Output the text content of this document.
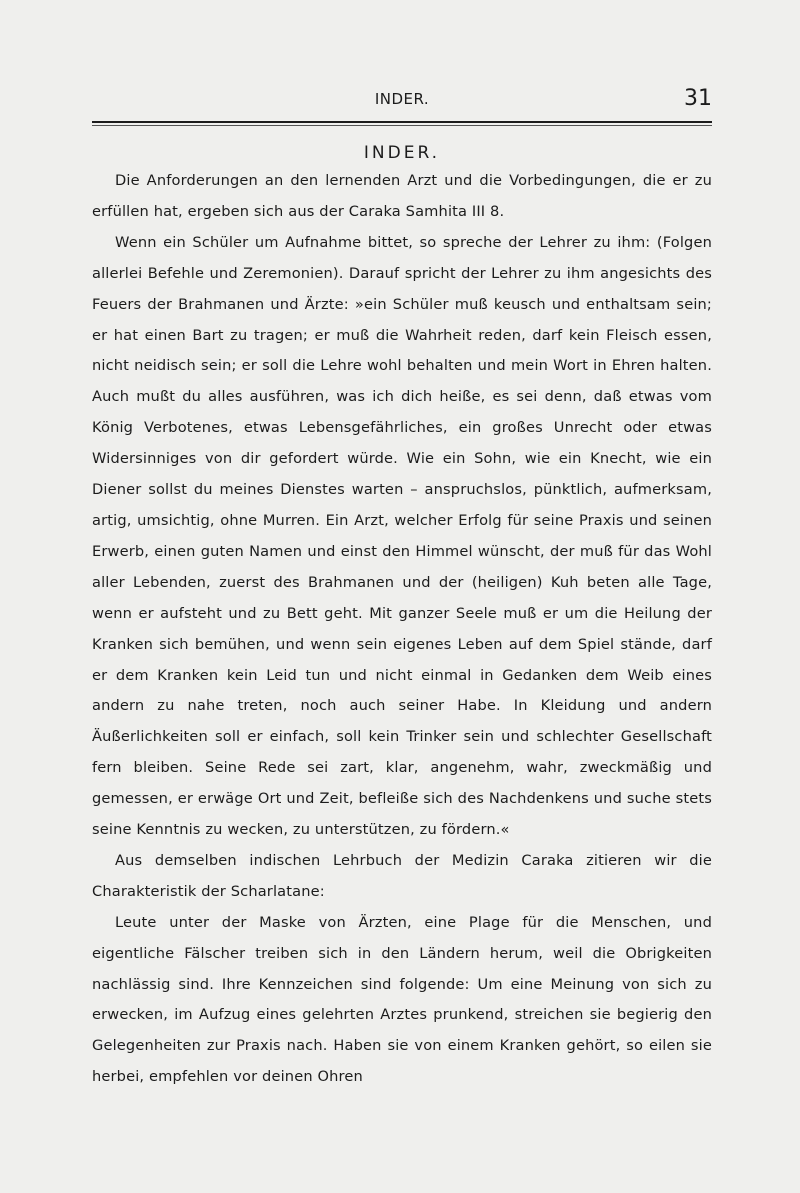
INDER.	31
INDER.

Die Anforderungen an den lernenden Arzt und die Vorbedingungen, die er zu erfüllen hat, ergeben sich aus der Caraka Samhita III 8.

Wenn ein Schüler um Aufnahme bittet, so spreche der Lehrer zu ihm: (Folgen allerlei Befehle und Zeremonien). Darauf spricht der Lehrer zu ihm angesichts des Feuers der Brahmanen und Ärzte: »ein Schüler muß keusch und enthaltsam sein; er hat einen Bart zu tragen; er muß die Wahrheit reden, darf kein Fleisch essen, nicht neidisch sein; er soll die Lehre wohl behalten und mein Wort in Ehren halten. Auch mußt du alles ausführen, was ich dich heiße, es sei denn, daß etwas vom König Verbotenes, etwas Lebensgefährliches, ein großes Unrecht oder etwas Widersinniges von dir gefordert würde. Wie ein Sohn, wie ein Knecht, wie ein Diener sollst du meines Dienstes warten – anspruchslos, pünktlich, aufmerksam, artig, umsichtig, ohne Murren. Ein Arzt, welcher Erfolg für seine Praxis und seinen Erwerb, einen guten Namen und einst den Himmel wünscht, der muß für das Wohl aller Lebenden, zuerst des Brahmanen und der (heiligen) Kuh beten alle Tage, wenn er aufsteht und zu Bett geht. Mit ganzer Seele muß er um die Heilung der Kranken sich bemühen, und wenn sein eigenes Leben auf dem Spiel stände, darf er dem Kranken kein Leid tun und nicht einmal in Gedanken dem Weib eines andern zu nahe treten, noch auch seiner Habe. In Kleidung und andern Äußerlichkeiten soll er einfach, soll kein Trinker sein und schlechter Gesellschaft fern bleiben. Seine Rede sei zart, klar, angenehm, wahr, zweckmäßig und gemessen, er erwäge Ort und Zeit, befleiße sich des Nachdenkens und suche stets seine Kenntnis zu wecken, zu unterstützen, zu fördern.«

Aus demselben indischen Lehrbuch der Medizin Caraka zitieren wir die Charakteristik der Scharlatane:

Leute unter der Maske von Ärzten, eine Plage für die Menschen, und eigentliche Fälscher treiben sich in den Ländern herum, weil die Obrigkeiten nachlässig sind. Ihre Kennzeichen sind folgende: Um eine Meinung von sich zu erwecken, im Aufzug eines gelehrten Arztes prunkend, streichen sie begierig den Gelegenheiten zur Praxis nach. Haben sie von einem Kranken gehört, so eilen sie herbei, empfehlen vor deinen Ohren
